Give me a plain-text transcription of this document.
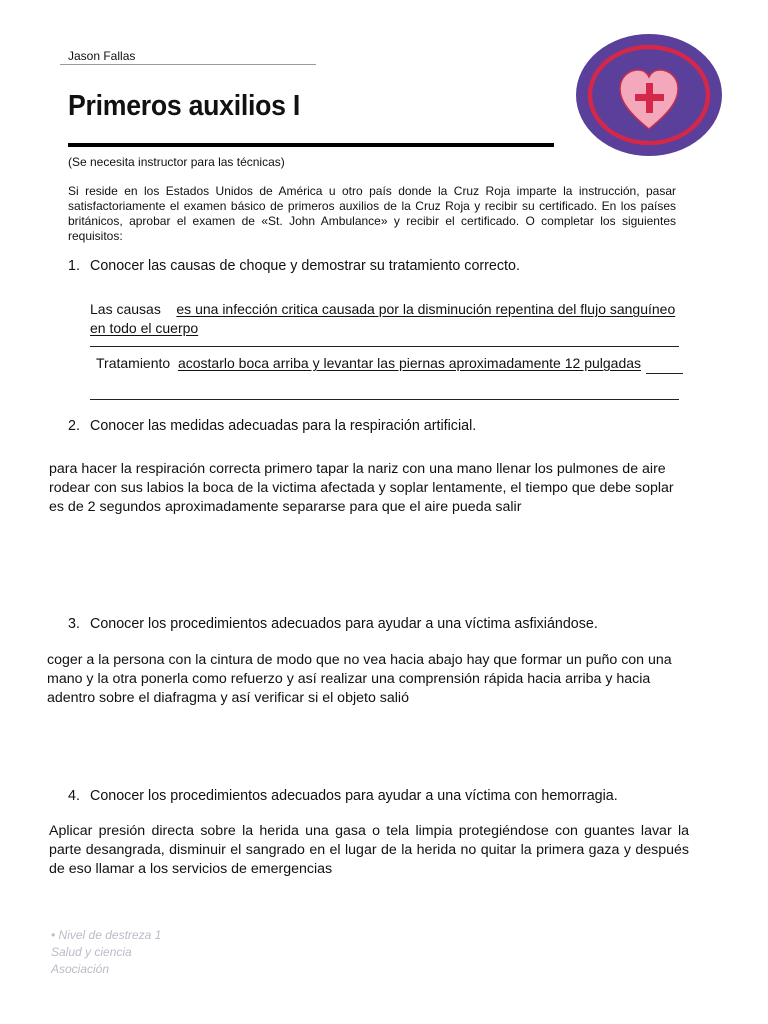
Jason Fallas
Primeros auxilios I
(Se necesita instructor para las técnicas)
Si reside en los Estados Unidos de América u otro país donde la Cruz Roja imparte la instrucción, pasar satisfactoriamente el examen básico de primeros auxilios de la Cruz Roja y recibir su certificado. En los países británicos, aprobar el examen de «St. John Ambulance» y recibir el certificado. O completar los siguientes requisitos:
1. Conocer las causas de choque y demostrar su tratamiento correcto.
Las causas es una infección critica causada por la disminución repentina del flujo sanguíneo en todo el cuerpo
Tratamiento acostarlo boca arriba y levantar las piernas aproximadamente 12 pulgadas
2. Conocer las medidas adecuadas para la respiración artificial.
para hacer la respiración correcta primero tapar la nariz con una mano llenar los pulmones de aire rodear con sus labios la boca de la victima afectada y soplar lentamente, el tiempo que debe soplar es de 2 segundos aproximadamente separarse para que el aire pueda salir
3. Conocer los procedimientos adecuados para ayudar a una víctima asfixiándose.
coger a la persona con la cintura de modo que no vea hacia abajo hay que formar un puño con una mano y la otra ponerla como refuerzo y así realizar una comprensión rápida hacia arriba y hacia adentro sobre el diafragma y así verificar si el objeto salió
4. Conocer los procedimientos adecuados para ayudar a una víctima con hemorragia.
Aplicar presión directa sobre la herida una gasa o tela limpia protegiéndose con guantes lavar la parte desangrada, disminuir el sangrado en el lugar de la herida no quitar la primera gaza y después de eso llamar a los servicios de emergencias
• Nivel de destreza 1
Salud y ciencia
Asociación
